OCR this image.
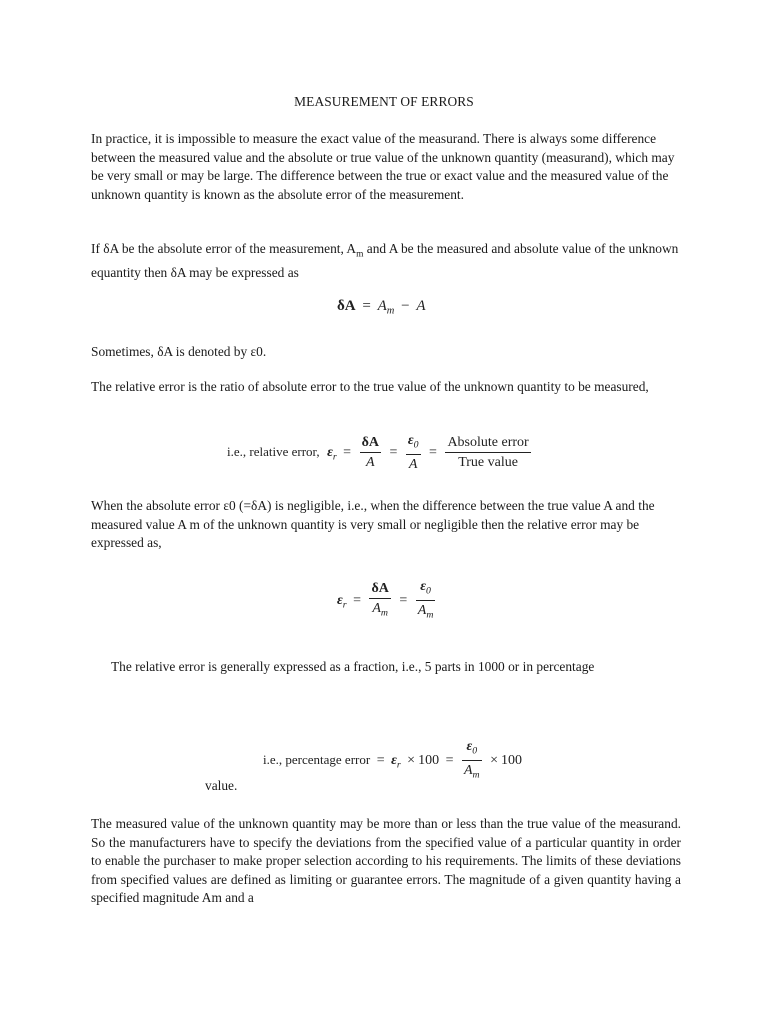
MEASUREMENT OF ERRORS

In practice, it is impossible to measure the exact value of the measurand. There is always some difference between the measured value and the absolute or true value of the unknown quantity (measurand), which may be very small or may be large. The difference between the true or exact value and the measured value of the unknown quantity is known as the absolute error of the measurement.

If δA be the absolute error of the measurement, $A_m$ and A be the measured and absolute value of the unknown equantity then δA may be expressed as

$\delta A = A_m - A$

Sometimes, δA is denoted by ε0.

The relative error is the ratio of absolute error to the true value of the unknown quantity to be measured,

i.e., relative error, $\varepsilon_r = \frac{\delta A}{A} = \frac{\varepsilon_0}{A} = \frac{\text{Absolute error}}{\text{True value}}$

When the absolute error ε0 (=δA) is negligible, i.e., when the difference between the true value A and the measured value A m of the unknown quantity is very small or negligible then the relative error may be expressed as,

$\varepsilon_r = \frac{\delta A}{A_m} = \frac{\varepsilon_0}{A_m}$

The relative error is generally expressed as a fraction, i.e., 5 parts in 1000 or in percentage

i.e., percentage error = $\varepsilon_r \times 100 = \frac{\varepsilon_0}{A_m} \times 100$
value.

The measured value of the unknown quantity may be more than or less than the true value of the measurand. So the manufacturers have to specify the deviations from the specified value of a particular quantity in order to enable the purchaser to make proper selection according to his requirements. The limits of these deviations from specified values are defined as limiting or guarantee errors. The magnitude of a given quantity having a specified magnitude Am and a
